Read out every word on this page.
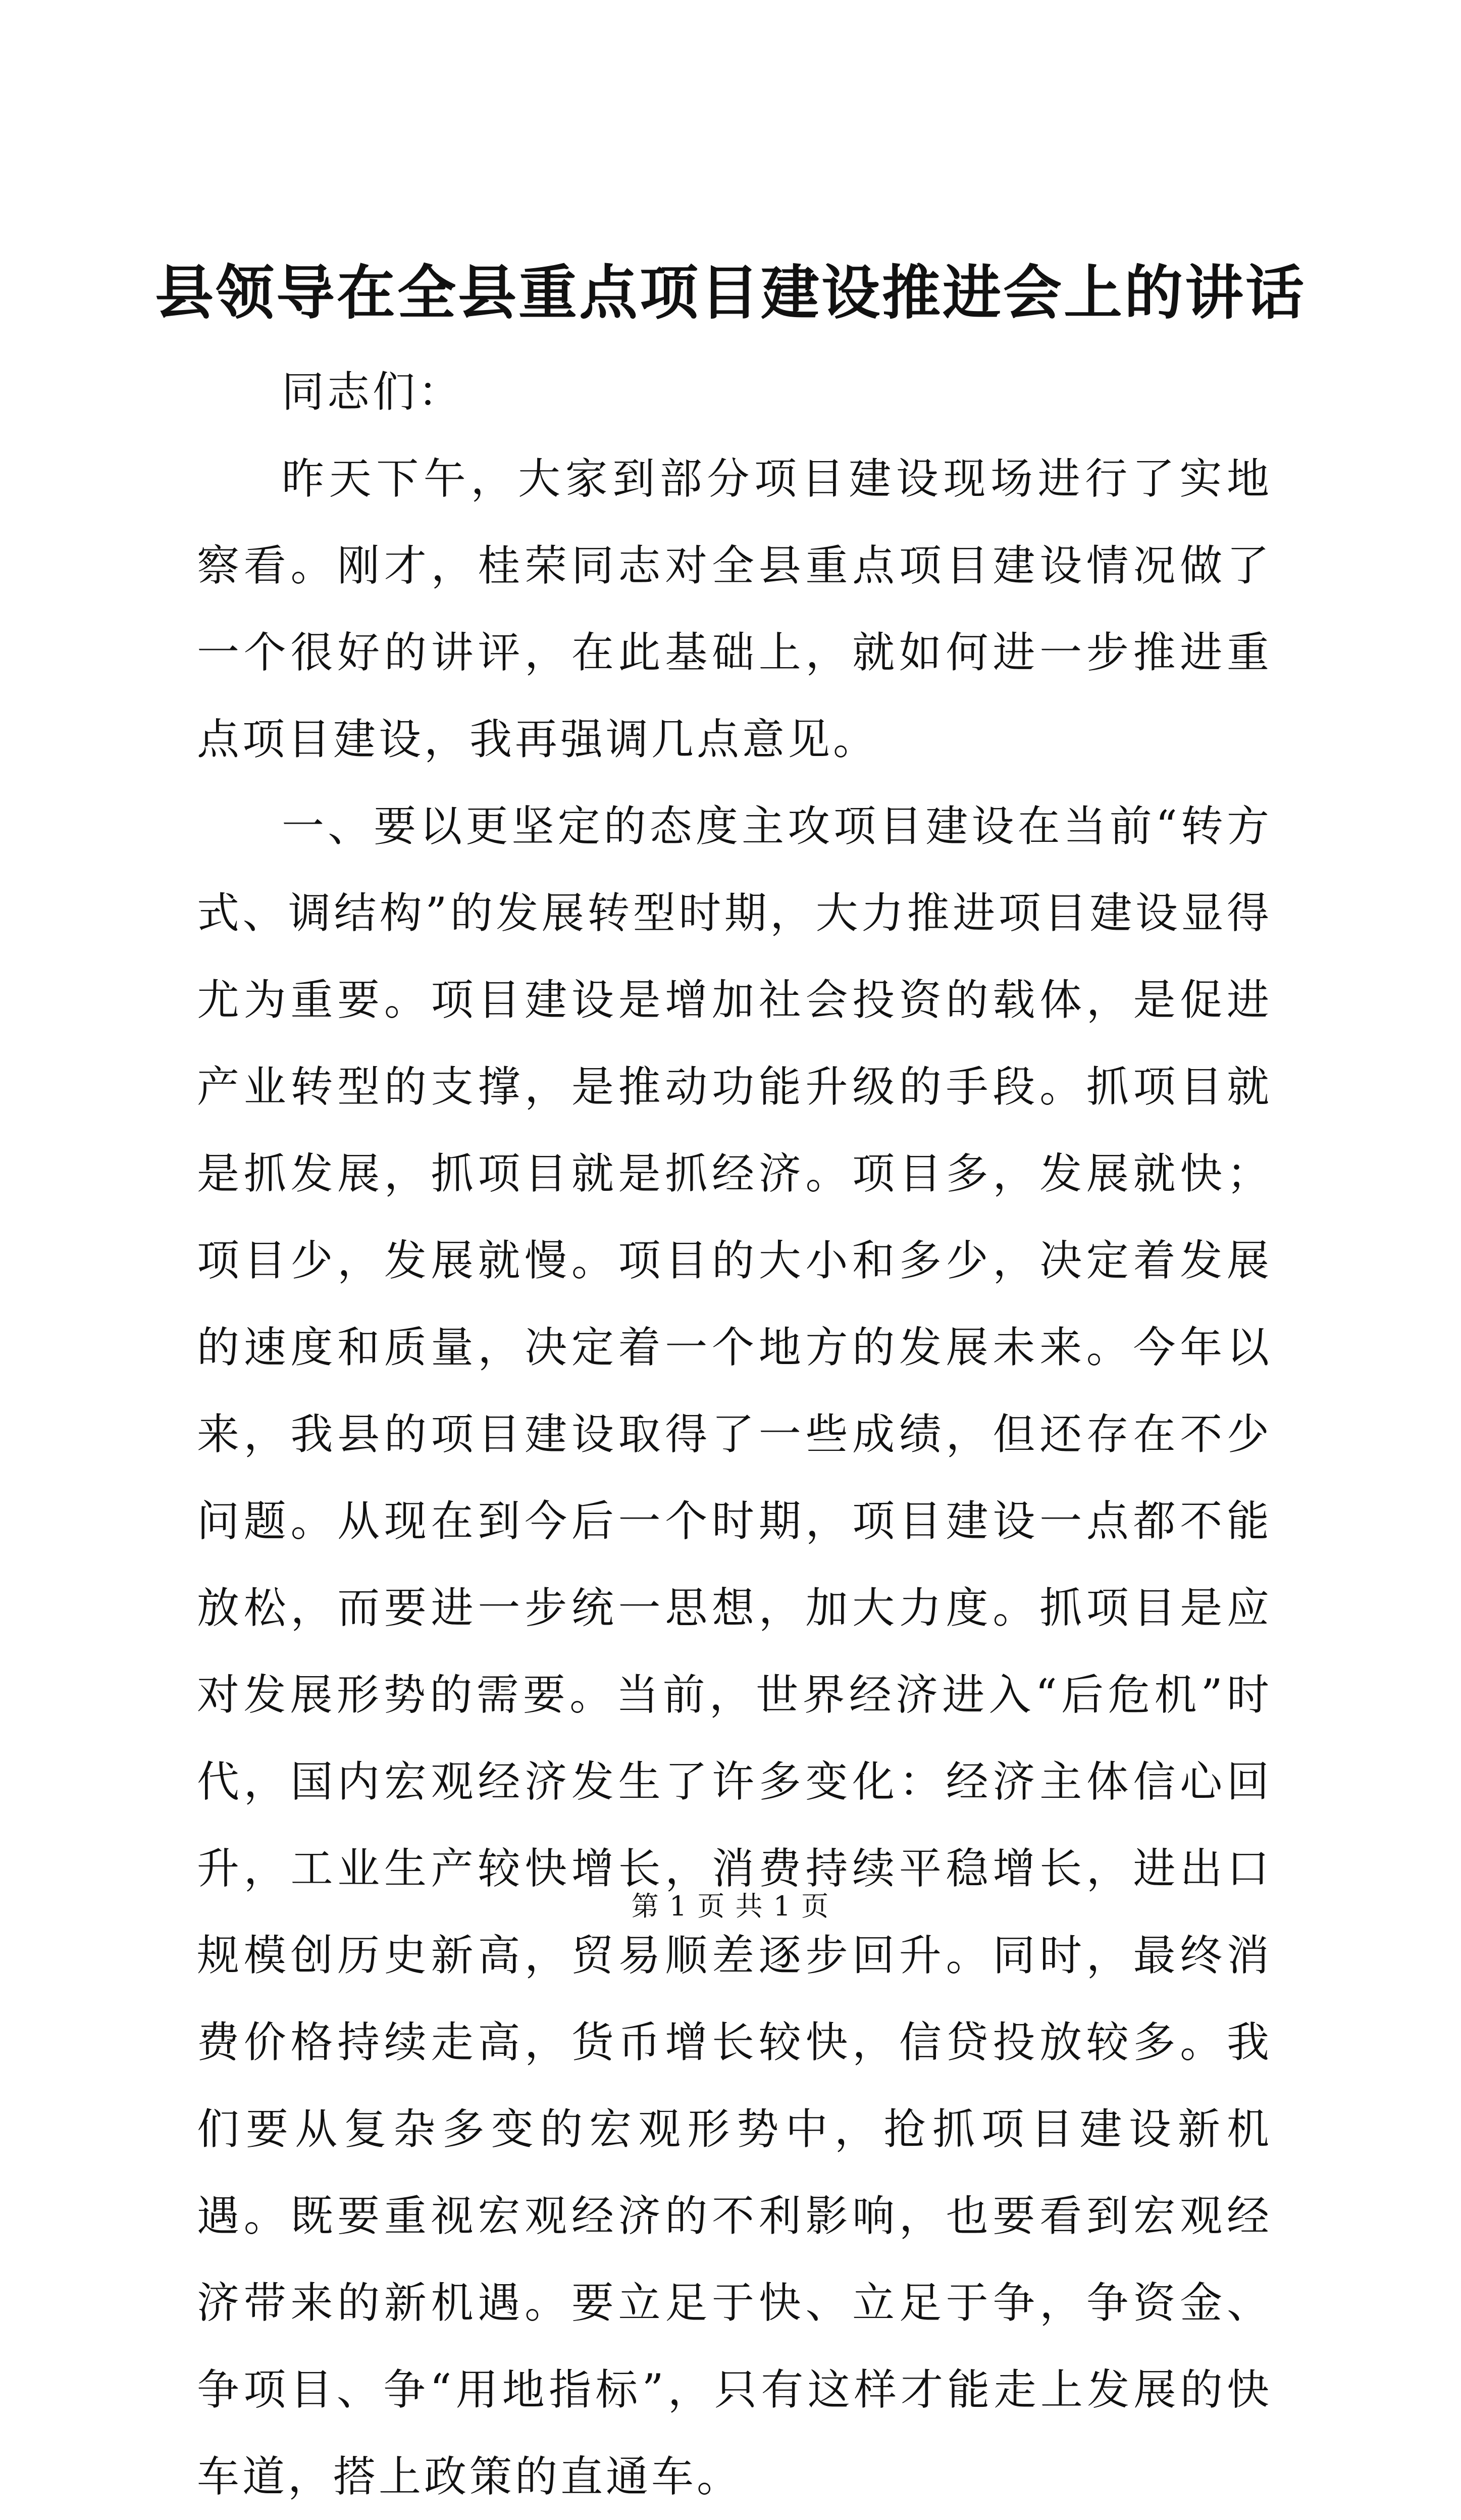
县领导在全县重点项目建设推进会上的讲话

同志们：

昨天下午，大家到部分项目建设现场进行了实地察看。刚才，桂荣同志对全县重点项目建设情况做了一个很好的讲评，在此基础上，就如何进一步推进重点项目建设，我再强调几点意见。

一、要以更坚定的态度主攻项目建设在当前“转方式、调结构”的发展转型时期，大力推进项目建设显得尤为重要。项目建设是增加社会投资的载体，是促进产业转型的支撑，是推动功能升级的手段。抓项目就是抓发展，抓项目就是抓经济。项目多，发展就快；项目少，发展就慢。项目的大小和多少，决定着发展的速度和质量，决定着一个地方的发展未来。今年以来，我县的项目建设取得了一些成绩，但还存在不少问题。从现在到今后一个时期，项目建设一点都不能放松，而要进一步统一思想，加大力度。抓项目是应对发展形势的需要。当前，世界经济进入“后危机”时代，国内宏观经济发生了许多变化：经济主体信心回升，工业生产较快增长，消费持续平稳增长，进出口规模创历史新高，贸易顺差逐步回升。同时，最终消费价格持续走高，货币增长较快，信贷投放较多。我们要从复杂多变的宏观形势中，抢抓项目建设新机遇。既要重视宏观经济的不利影响，也要看到宏观经济带来的新机遇。要立足于快、立足于争，争资金、争项目、争“用地指标”，只有这样才能走上发展的快车道，搭上政策的直通车。

第 1 页 共 1 页
